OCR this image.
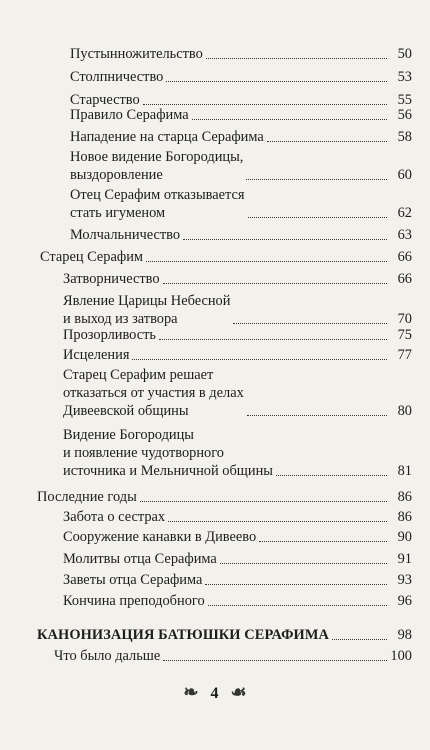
Пустынножительство	50
Столпничество	53
Старчество	55
Правило Серафима	56
Нападение на старца Серафима	58
Новое видение Богородицы,
выздоровление	60
Отец Серафим отказывается
стать игуменом	62
Молчальничество	63
Старец Серафим	66
Затворничество	66
Явление Царицы Небесной
и выход из затвора	70
Прозорливость	75
Исцеления	77
Старец Серафим решает
отказаться от участия в делах
Дивеевской общины	80
Видение Богородицы
и появление чудотворного
источника и Мельничной общины	81
Последние годы	86
Забота о сестрах	86
Сооружение канавки в Дивеево	90
Молитвы отца Серафима	91
Заветы отца Серафима	93
Кончина преподобного	96
КАНОНИЗАЦИЯ БАТЮШКИ СЕРАФИМА	98
Что было дальше	100
❧ 4 ☙
